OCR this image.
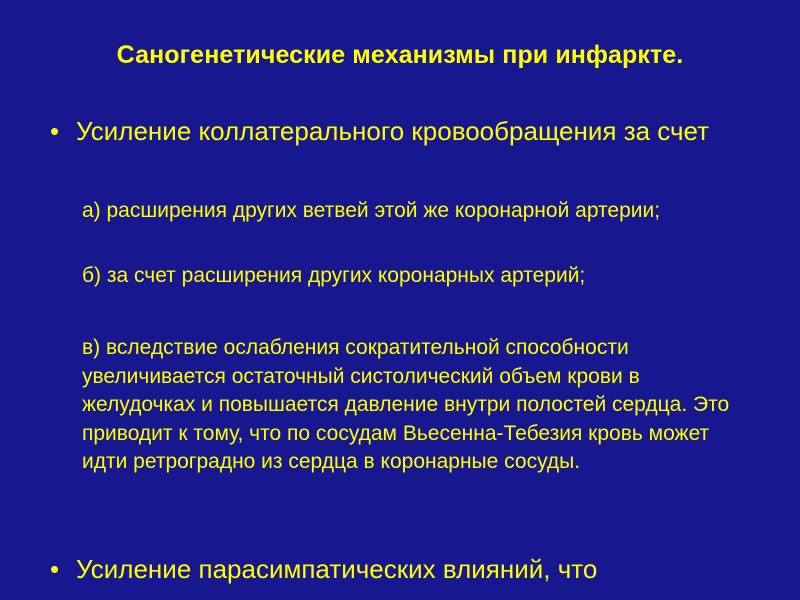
Саногенетические механизмы при инфаркте.
• Усиление коллатерального кровообращения за счет
а) расширения других ветвей этой же коронарной артерии;
б) за счет расширения других коронарных артерий;
в) вследствие ослабления сократительной способности увеличивается остаточный систолический объем крови в желудочках и повышается давление внутри полостей сердца. Это приводит к тому, что по сосудам Вьесенна-Тебезия кровь может идти ретроградно из сердца в коронарные сосуды.
• Усиление парасимпатических влияний, что
